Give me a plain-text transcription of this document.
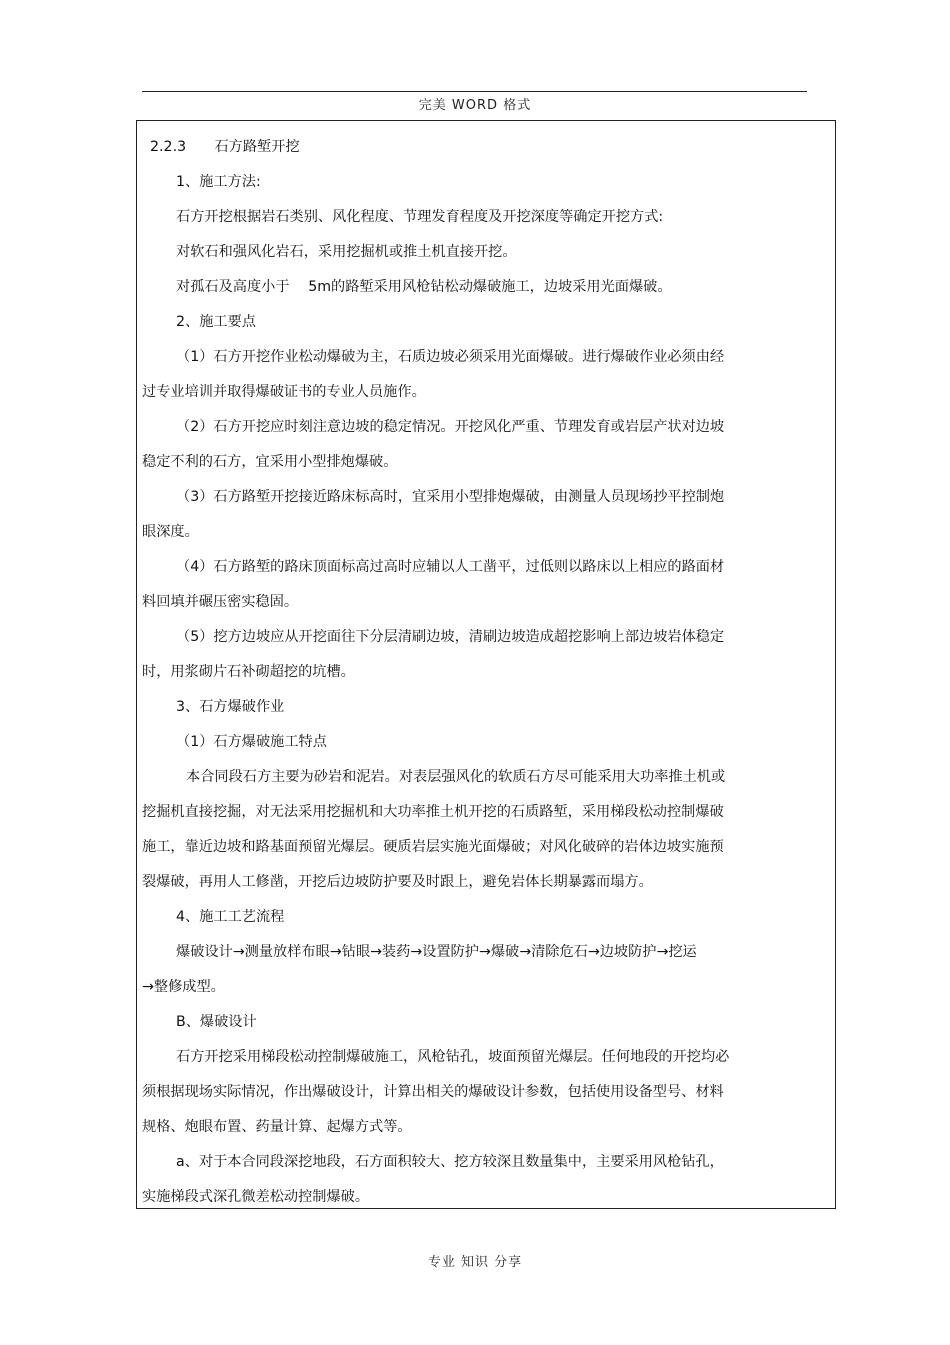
完美 WORD 格式
2.2.3　　石方路堑开挖
1、施工方法:
石方开挖根据岩石类别、风化程度、节理发育程度及开挖深度等确定开挖方式:
对软石和强风化岩石，采用挖掘机或推土机直接开挖。
对孤石及高度小于　 5m的路堑采用风枪钻松动爆破施工，边坡采用光面爆破。
2、施工要点
（1）石方开挖作业松动爆破为主，石质边坡必须采用光面爆破。进行爆破作业必须由经
过专业培训并取得爆破证书的专业人员施作。
（2）石方开挖应时刻注意边坡的稳定情况。开挖风化严重、节理发育或岩层产状对边坡
稳定不利的石方，宜采用小型排炮爆破。
（3）石方路堑开挖接近路床标高时，宜采用小型排炮爆破，由测量人员现场抄平控制炮
眼深度。
（4）石方路堑的路床顶面标高过高时应辅以人工凿平，过低则以路床以上相应的路面材
料回填并碾压密实稳固。
（5）挖方边坡应从开挖面往下分层清刷边坡，清刷边坡造成超挖影响上部边坡岩体稳定
时，用浆砌片石补砌超挖的坑槽。
3、石方爆破作业
（1）石方爆破施工特点
本合同段石方主要为砂岩和泥岩。对表层强风化的软质石方尽可能采用大功率推土机或
挖掘机直接挖掘，对无法采用挖掘机和大功率推土机开挖的石质路堑，采用梯段松动控制爆破
施工，靠近边坡和路基面预留光爆层。硬质岩层实施光面爆破；对风化破碎的岩体边坡实施预
裂爆破，再用人工修凿，开挖后边坡防护要及时跟上，避免岩体长期暴露而塌方。
4、施工工艺流程
爆破设计→测量放样布眼→钻眼→装药→设置防护→爆破→清除危石→边坡防护→挖运
→整修成型。
B、爆破设计
石方开挖采用梯段松动控制爆破施工，风枪钻孔，坡面预留光爆层。任何地段的开挖均必
须根据现场实际情况，作出爆破设计，计算出相关的爆破设计参数，包括使用设备型号、材料
规格、炮眼布置、药量计算、起爆方式等。
a、对于本合同段深挖地段，石方面积较大、挖方较深且数量集中，主要采用风枪钻孔，
实施梯段式深孔微差松动控制爆破。
专业 知识 分享
